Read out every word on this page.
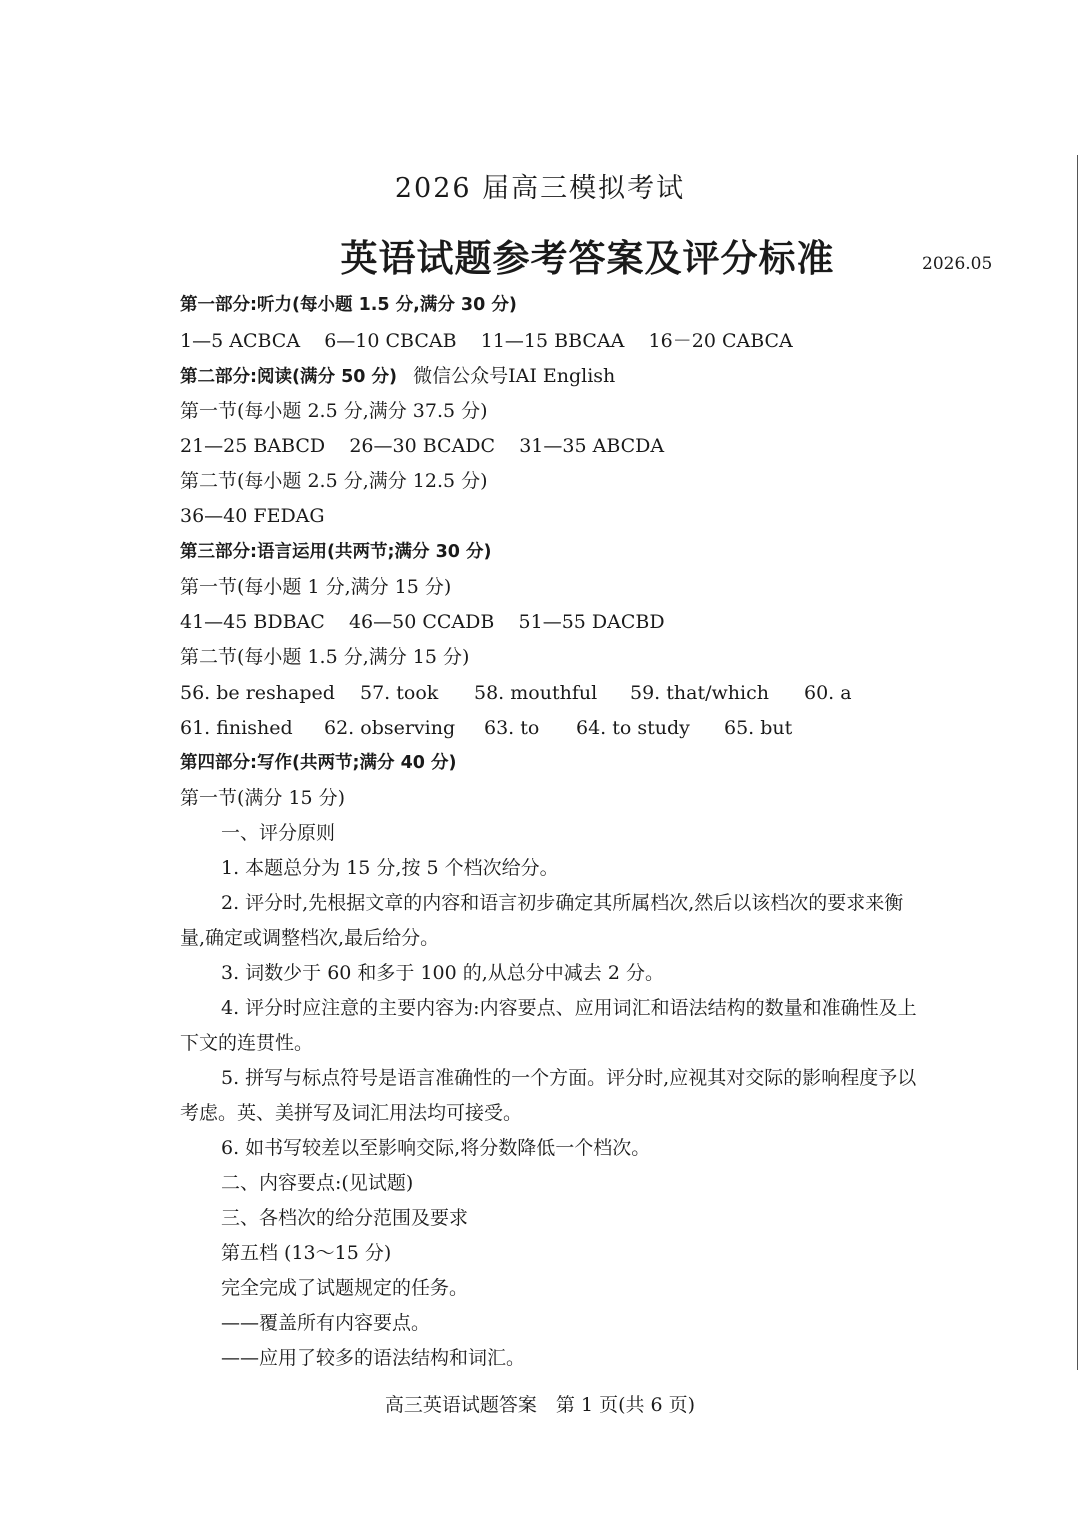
2026 届高三模拟考试
英语试题参考答案及评分标准	2026.05
第一部分:听力(每小题 1.5 分,满分 30 分)
1—5 ACBCA    6—10 CBCAB    11—15 BBCAA    16－20 CABCA
第二部分:阅读(满分 50 分) 微信公众号IAI English
第一节(每小题 2.5 分,满分 37.5 分)
21—25 BABCD    26—30 BCADC    31—35 ABCDA
第二节(每小题 2.5 分,满分 12.5 分)
36—40 FEDAG
第三部分:语言运用(共两节;满分 30 分)
第一节(每小题 1 分,满分 15 分)
41—45 BDBAC    46—50 CCADB    51—55 DACBD
第二节(每小题 1.5 分,满分 15 分)
56. be reshaped 57. took 58. mouthful 59. that/which 60. a
61. finished 62. observing 63. to 64. to study 65. but
第四部分:写作(共两节;满分 40 分)
第一节(满分 15 分)
一、评分原则
1. 本题总分为 15 分,按 5 个档次给分。
2. 评分时,先根据文章的内容和语言初步确定其所属档次,然后以该档次的要求来衡
量,确定或调整档次,最后给分。
3. 词数少于 60 和多于 100 的,从总分中减去 2 分。
4. 评分时应注意的主要内容为:内容要点、应用词汇和语法结构的数量和准确性及上
下文的连贯性。
5. 拼写与标点符号是语言准确性的一个方面。评分时,应视其对交际的影响程度予以
考虑。英、美拼写及词汇用法均可接受。
6. 如书写较差以至影响交际,将分数降低一个档次。
二、内容要点:(见试题)
三、各档次的给分范围及要求
第五档 (13～15 分)
完全完成了试题规定的任务。
——覆盖所有内容要点。
——应用了较多的语法结构和词汇。
高三英语试题答案　第 1 页(共 6 页)
